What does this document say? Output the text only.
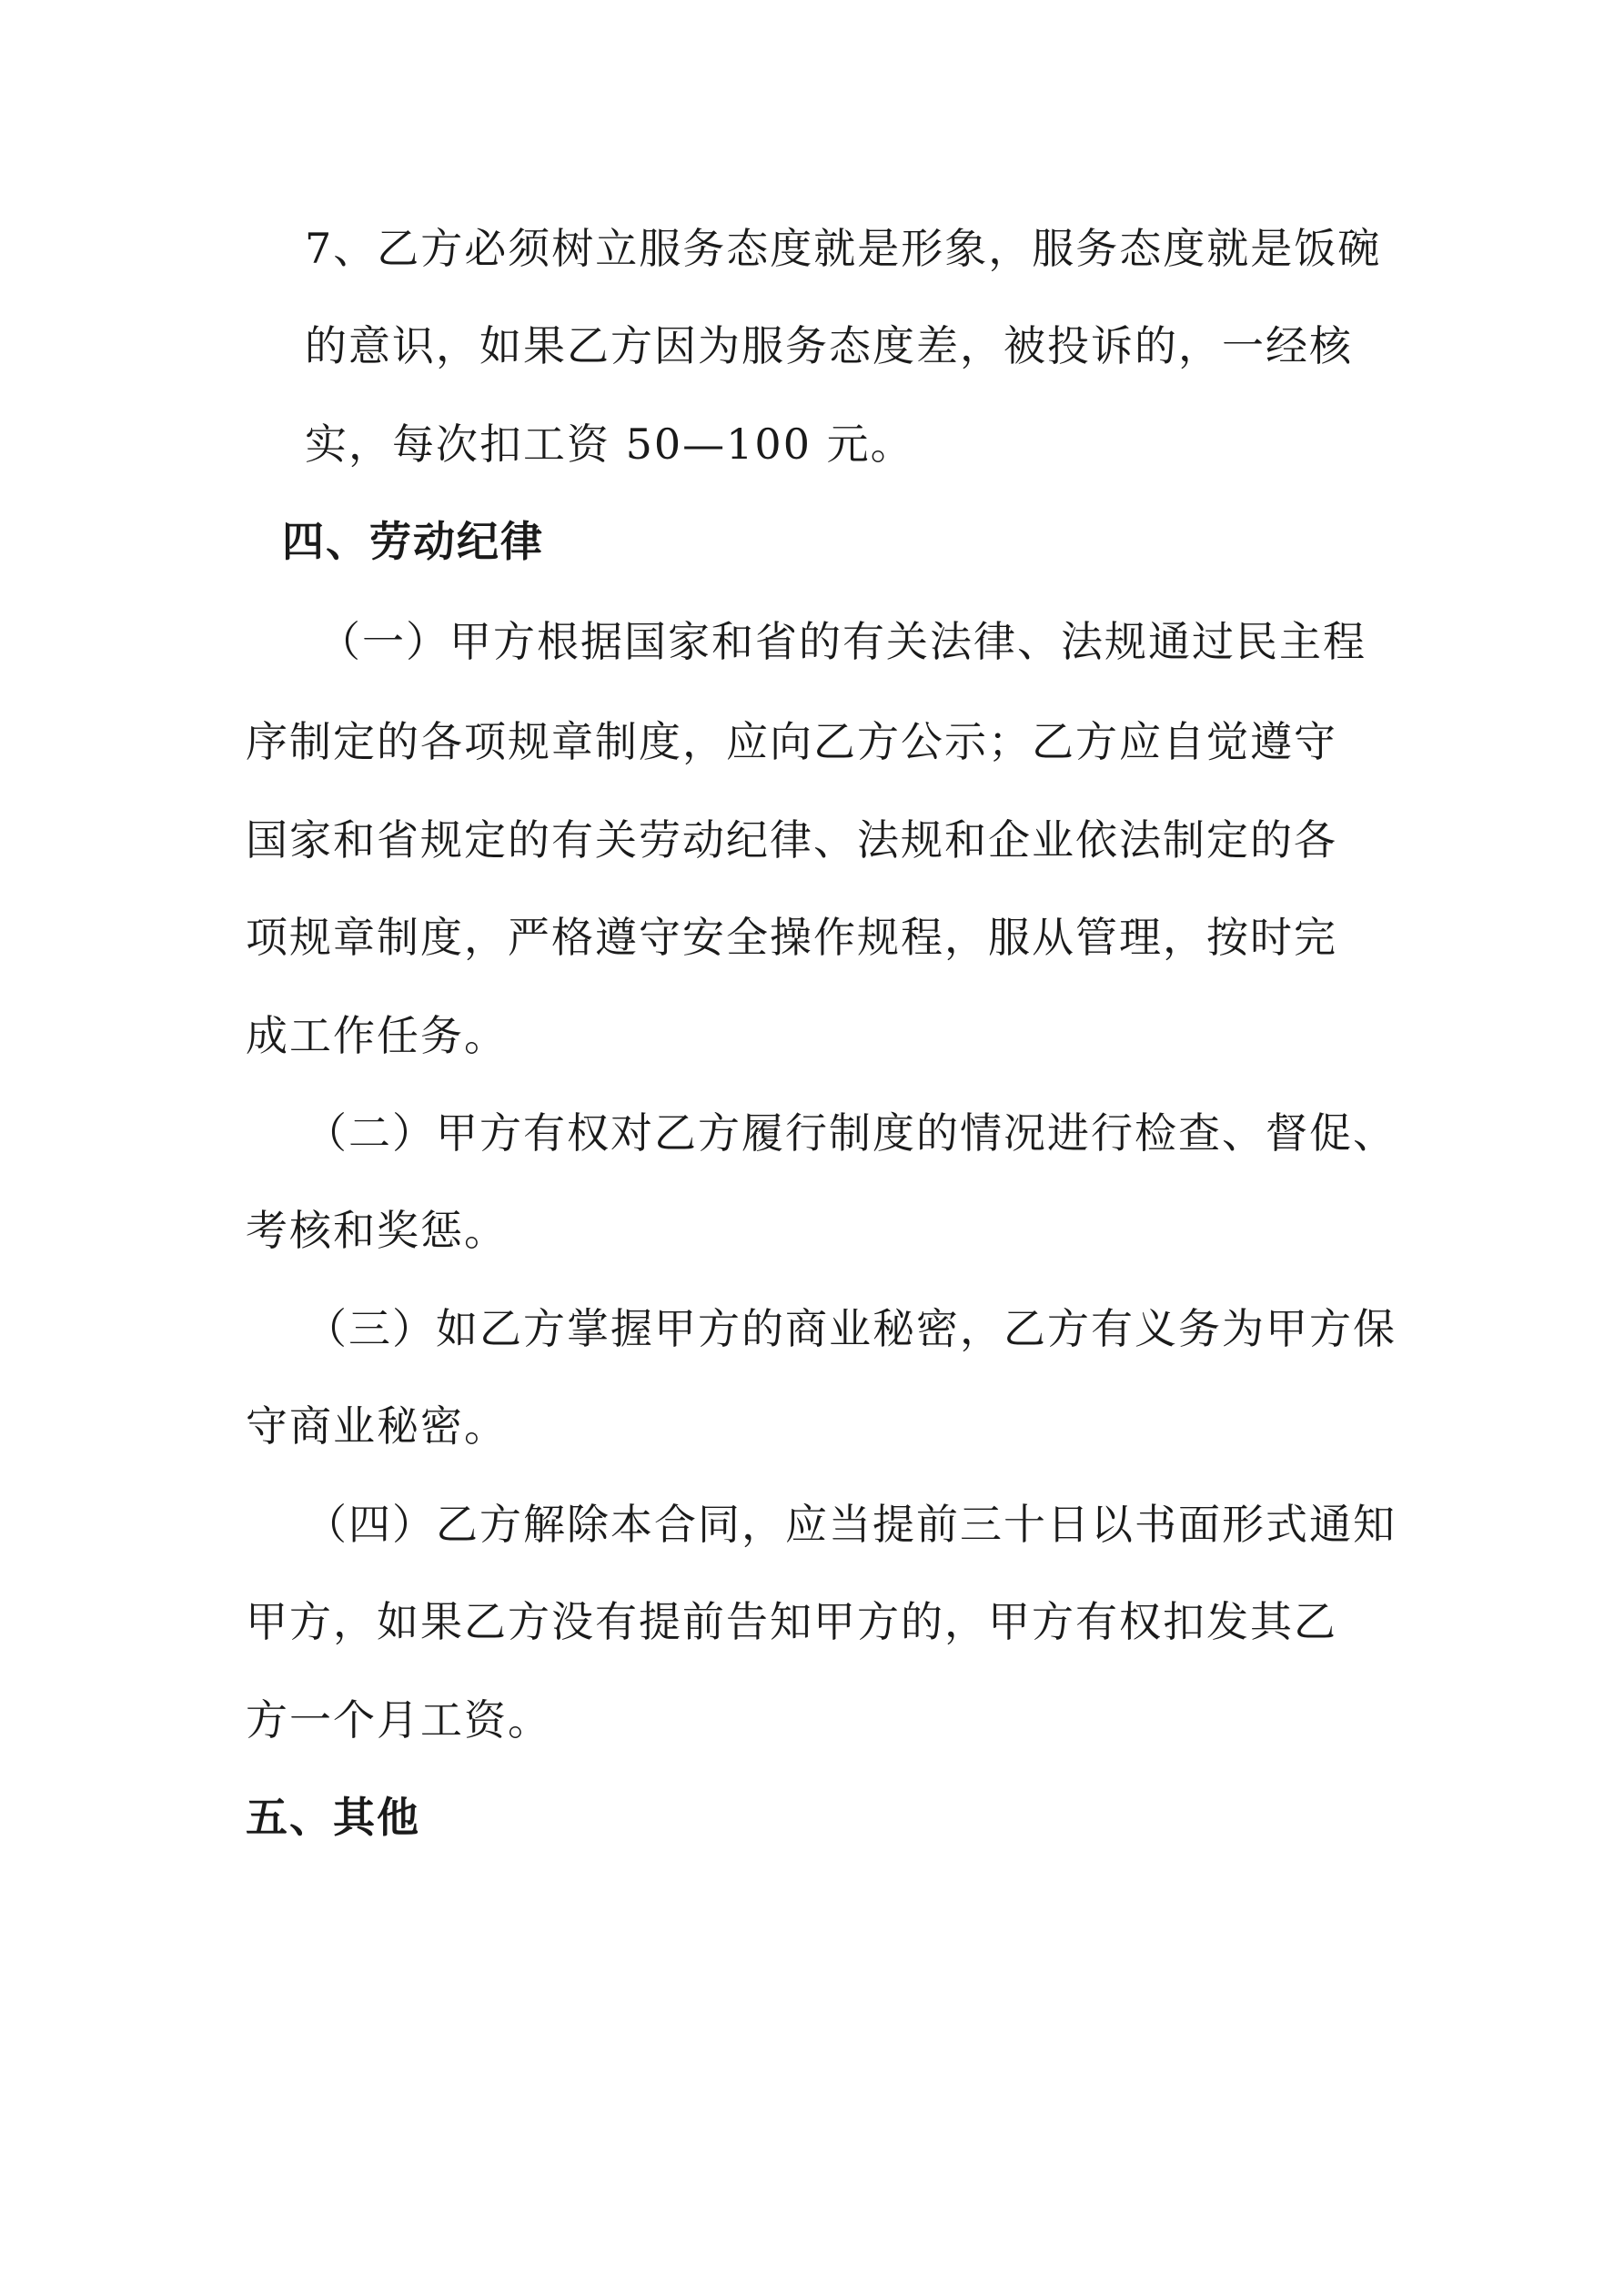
7、乙方必须树立服务态度就是形象，服务态度就是饭碗
的意识，如果乙方因为服务态度差，被投诉的，一经核
实，每次扣工资 50—100 元。
四、劳动纪律
（一）甲方根据国家和省的有关法律、法规通过民主程
序制定的各项规章制度，应向乙方公示；乙方应自觉遵守
国家和省规定的有关劳动纪律、法规和企业依法制定的各
项规章制度，严格遵守安全操作规程，服从管理，按时完
成工作任务。
（二）甲方有权对乙方履行制度的情况进行检查、督促、
考核和奖惩。
（三）如乙方掌握甲方的商业秘密，乙方有义务为甲方保
守商业秘密。
（四）乙方解除本合同，应当提前三十日以书面形式通知
甲方，如果乙方没有提前告知甲方的，甲方有权扣发其乙
方一个月工资。
五、其他
